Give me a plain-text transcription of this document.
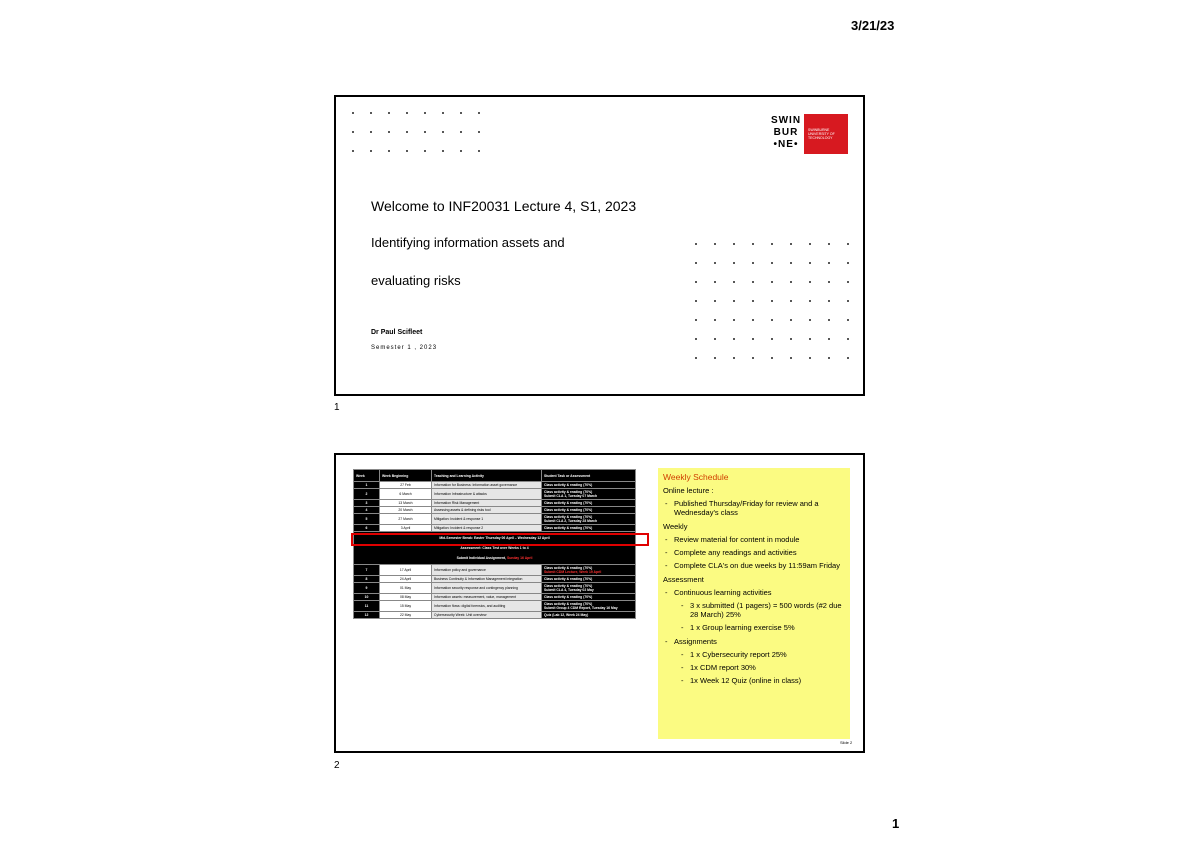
3/21/23
SWIN
BUR
•NE•
SWINBURNE UNIVERSITY OF TECHNOLOGY
Welcome to INF20031 Lecture 4, S1, 2023
Identifying information assets and
evaluating risks
Dr Paul Scifleet
Semester 1 , 2023
1
Week	Week Beginning	Teaching and Learning Activity	Student Task or Assessment
1	27 Feb	Information for Business: Information asset governance	Class activity & reading (70%)

2	6 March	Information Infrastructure & attacks	Class activity & reading (70%)
Submit CLA 1, Tuesday 07 March

3	13 March	Information Risk Management	Class activity & reading (70%)

4	20 March	Assessing assets & defining risks tool	Class activity & reading (70%)

5	27 March	Mitigation: Incident & response 1	Class activity & reading (70%)
Submit CLA 2, Tuesday 28 March

6	3 April	Mitigation: Incident & response 2	Class activity & reading (70%)

Mid-Semester Break: Easter Thursday 06 April – Wednesday 12 April
Assessment: Class Test over Weeks 1 to 4
Submit Individual Assignment, Sunday 16 April			

7	17 April	Information policy and governance	Class activity & reading (70%)
Submit CDM Lecture, Week 19 April

8	24 April	Business Continuity & Information Management integration	Class activity & reading (70%)

9	01 May	Information security response and contingency planning	Class activity & reading (70%)
Submit CLA 4, Tuesday 02 May

10	08 May	Information assets: measurement, value, management	Class activity & reading (70%)

11	15 May	Information flows: digital forensics, and auditing	Class activity & reading (70%)
Submit Group 4 CDM Report, Tuesday 16 May

12	22 May	Cybersecurity Week: Unit overview	Quiz (Lab 12, Week 24 May)
Weekly Schedule

Online lecture :

- Published Thursday/Friday for review and a Wednesday's class

Weekly

- Review material for content in module
- Complete any readings and activities
- Complete CLA's on due weeks by 11:59am Friday

Assessment

- Continuous learning activities
- 3 x submitted (1 pagers) = 500 words (#2 due 28 March) 25%
- 1 x Group learning exercise 5%
- Assignments
- 1 x Cybersecurity report 25%
- 1x CDM report 30%
- 1x Week 12 Quiz (online in class)
Slide 2
2
1
